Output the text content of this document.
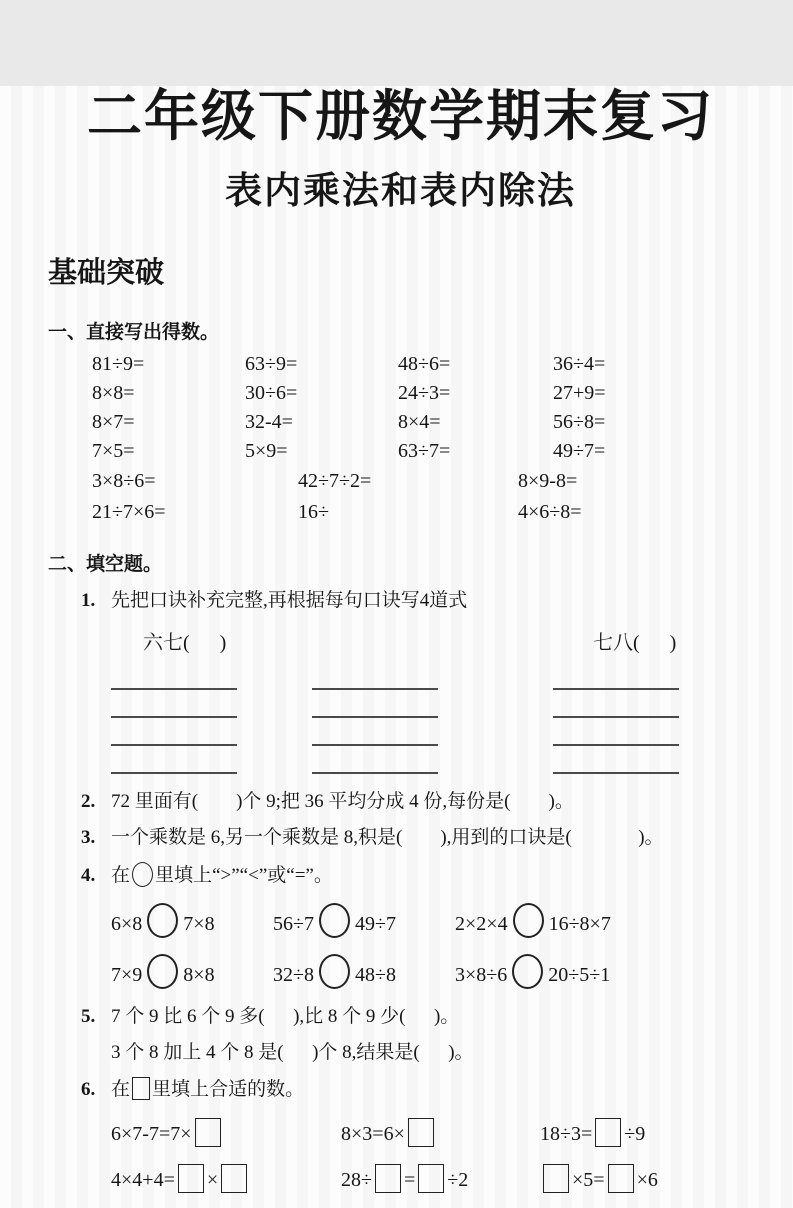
二年级下册数学期末复习
表内乘法和表内除法
基础突破
一、直接写出得数。
81÷9=	63÷9=	48÷6=	36÷4=
8×8=	30÷6=	24÷3=	27+9=
8×7=	32-4=	8×4=	56÷8=
7×5=	5×9=	63÷7=	49÷7=
3×8÷6=	42÷7÷2=	8×9-8=
21÷7×6=	16÷	4×6÷8=
二、填空题。
1. 先把口诀补充完整,再根据每句口诀写4道式
六七(      )	七八(      )
2. 72 里面有(        )个 9;把 36 平均分成 4 份,每份是(        )。
3. 一个乘数是 6,另一个乘数是 8,积是(        ),用到的口诀是(              )。
4. 在 里填上“>”“<”或“=”。
6×8 7×8	56÷7 49÷7	2×2×4 16÷8×7
7×9 8×8	32÷8 48÷8	3×8÷6 20÷5÷1
5. 7 个 9 比 6 个 9 多(      ),比 8 个 9 少(      )。
3 个 8 加上 4 个 8 是(      )个 8,结果是(      )。
6. 在 里填上合适的数。
6×7-7=7×	8×3=6×	18÷3= ÷9
4×4+4= ×	28÷ = ÷2	×5= ×6
